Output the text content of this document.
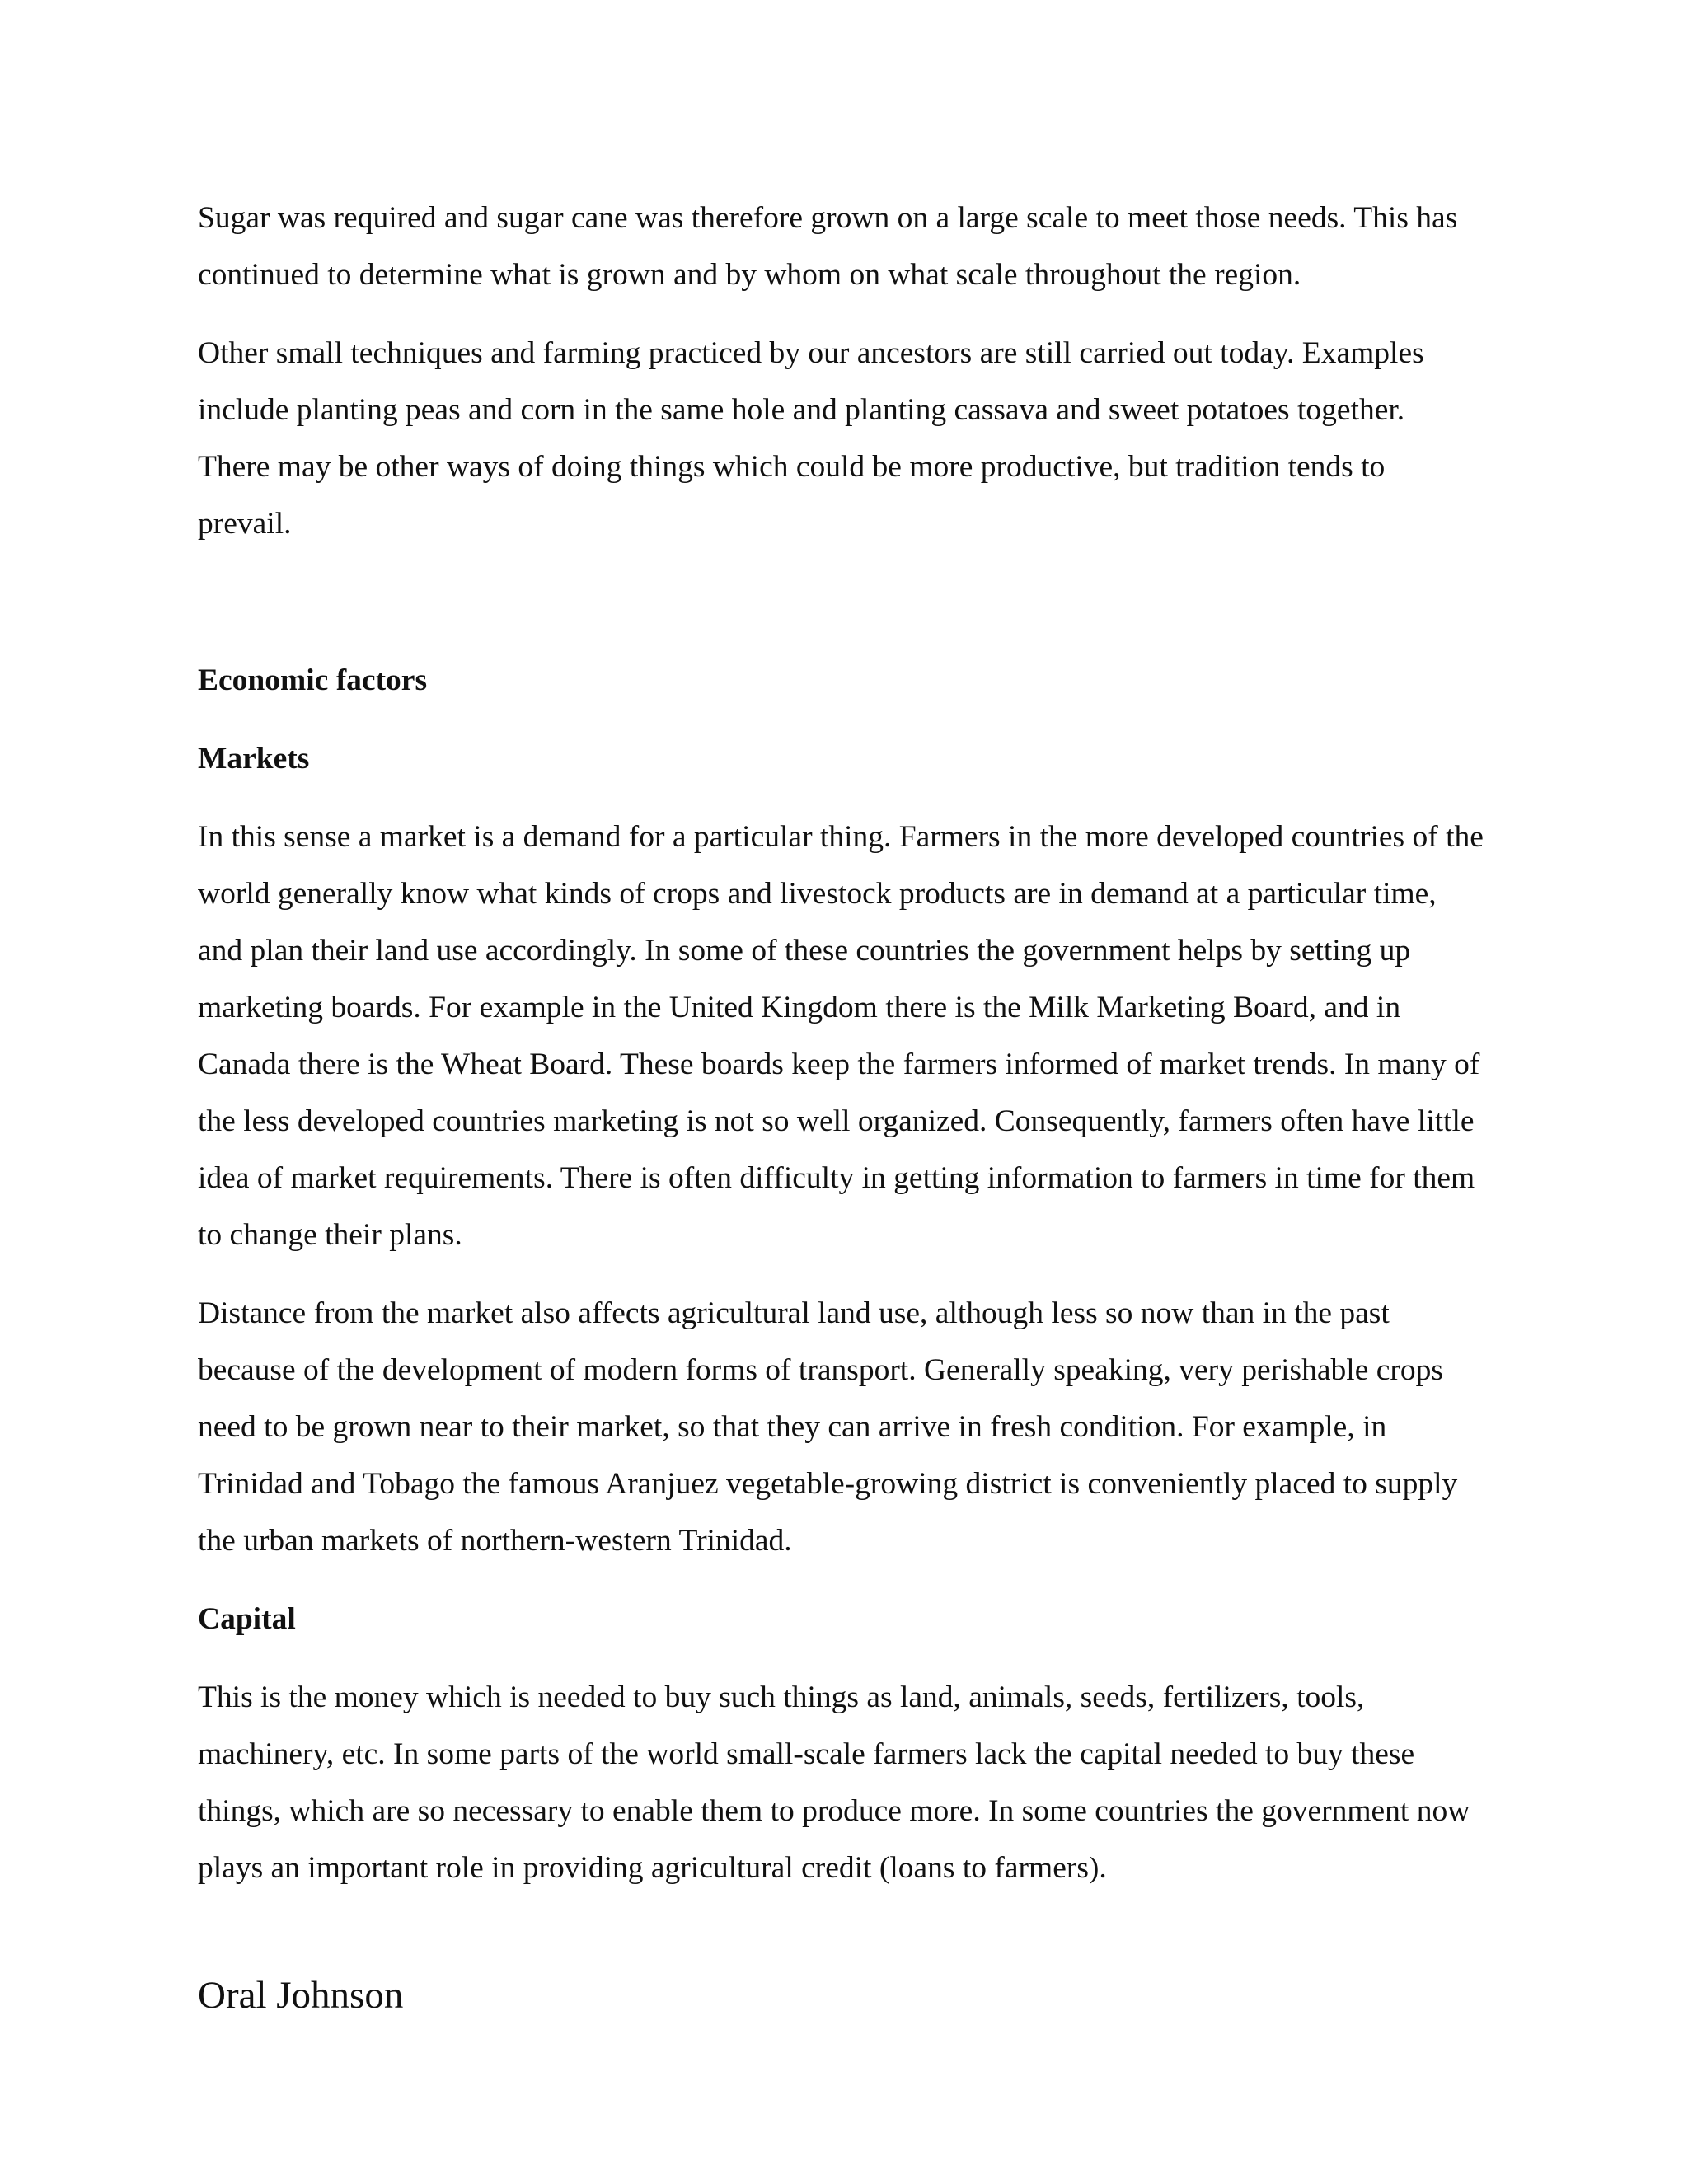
Sugar was required and sugar cane was therefore grown on a large scale to meet those needs. This has continued to determine what is grown and by whom on what scale throughout the region.

Other small techniques and farming practiced by our ancestors are still carried out today. Examples include planting peas and corn in the same hole and planting cassava and sweet potatoes together. There may be other ways of doing things which could be more productive, but tradition tends to prevail.

Economic factors
Markets

In this sense a market is a demand for a particular thing. Farmers in the more developed countries of the world generally know what kinds of crops and livestock products are in demand at a particular time, and plan their land use accordingly. In some of these countries the government helps by setting up marketing boards. For example in the United Kingdom there is the Milk Marketing Board, and in Canada there is the Wheat Board. These boards keep the farmers informed of market trends. In many of the less developed countries marketing is not so well organized. Consequently, farmers often have little idea of market requirements. There is often difficulty in getting information to farmers in time for them to change their plans.

Distance from the market also affects agricultural land use, although less so now than in the past because of the development of modern forms of transport. Generally speaking, very perishable crops need to be grown near to their market, so that they can arrive in fresh condition. For example, in Trinidad and Tobago the famous Aranjuez vegetable-growing district is conveniently placed to supply the urban markets of northern-western Trinidad.

Capital

This is the money which is needed to buy such things as land, animals, seeds, fertilizers, tools, machinery, etc. In some parts of the world small-scale farmers lack the capital needed to buy these things, which are so necessary to enable them to produce more. In some countries the government now plays an important role in providing agricultural credit (loans to farmers).

Oral Johnson
